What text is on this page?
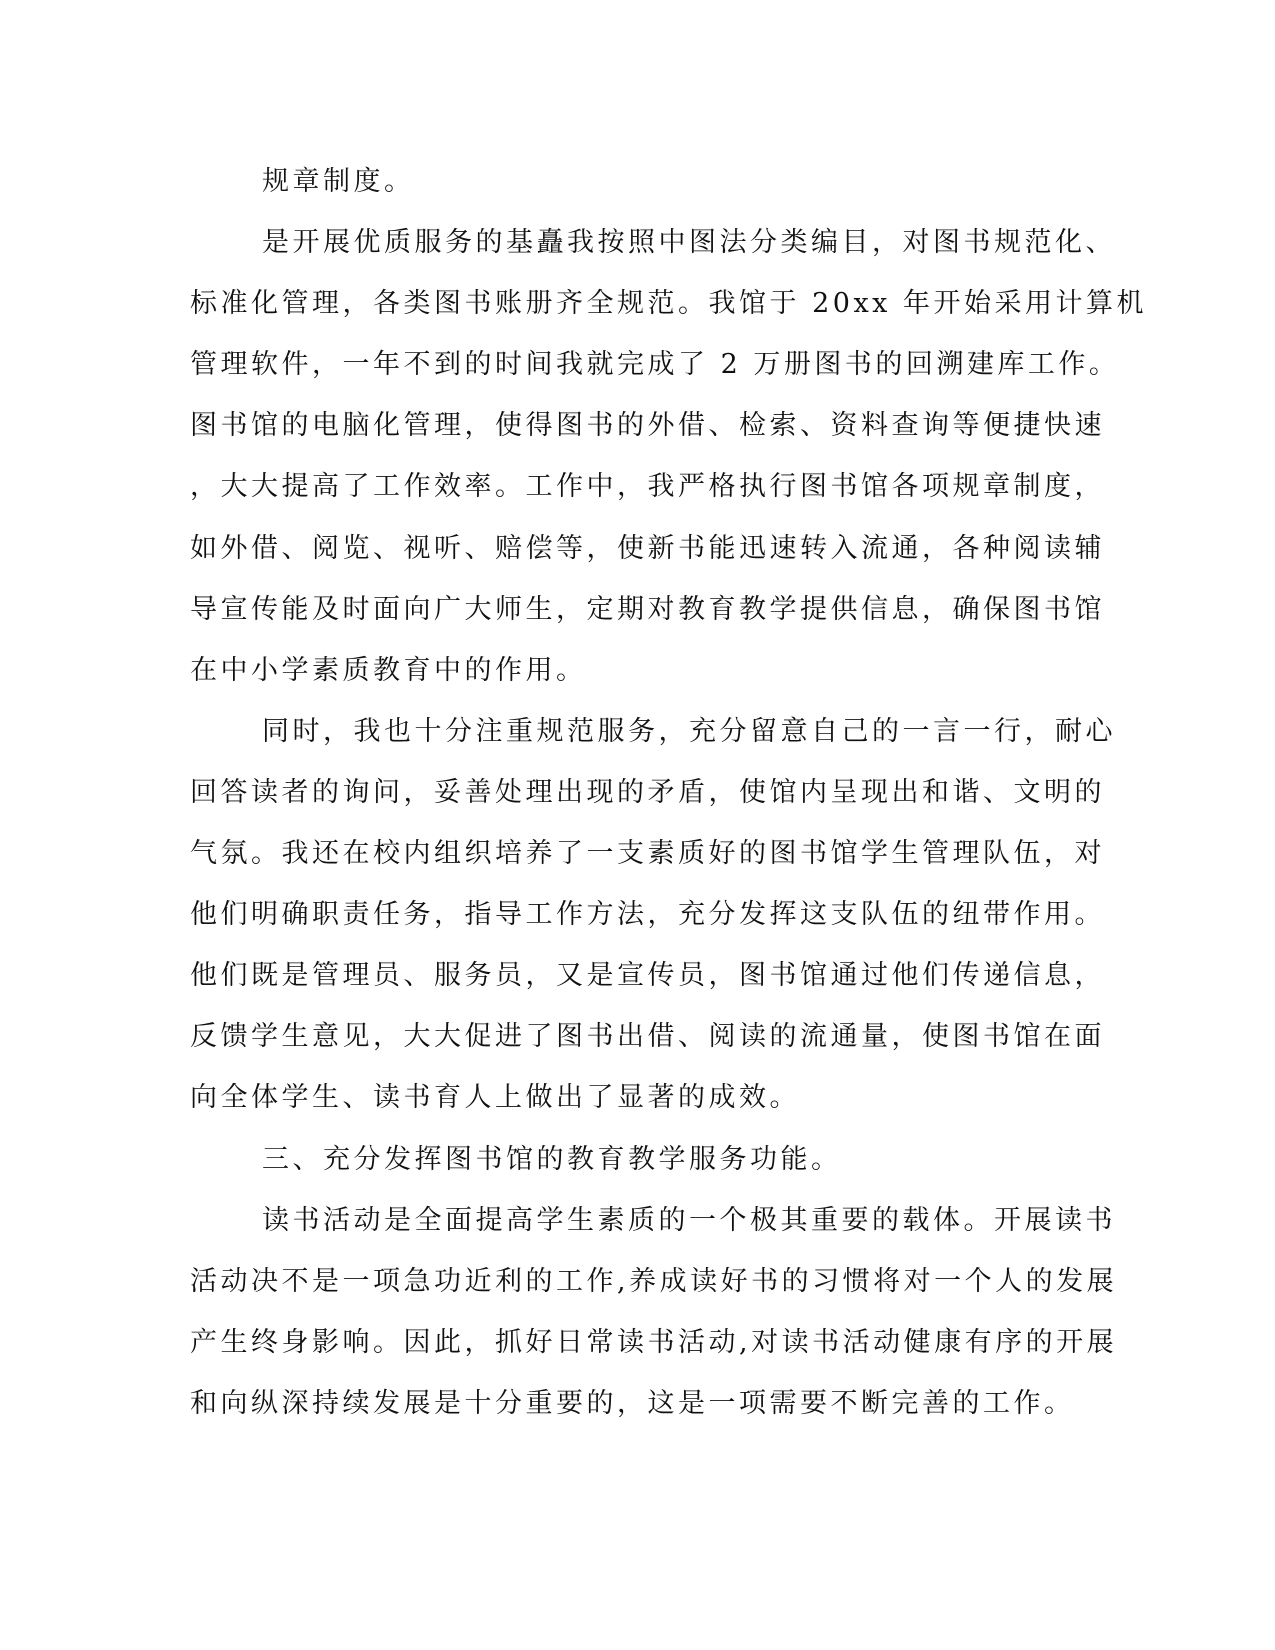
规章制度。
是开展优质服务的基矗我按照中图法分类编目，对图书规范化、
标准化管理，各类图书账册齐全规范。我馆于 20xx 年开始采用计算机
管理软件，一年不到的时间我就完成了 2 万册图书的回溯建库工作。
图书馆的电脑化管理，使得图书的外借、检索、资料查询等便捷快速
，大大提高了工作效率。工作中，我严格执行图书馆各项规章制度，
如外借、阅览、视听、赔偿等，使新书能迅速转入流通，各种阅读辅
导宣传能及时面向广大师生，定期对教育教学提供信息，确保图书馆
在中小学素质教育中的作用。
同时，我也十分注重规范服务，充分留意自己的一言一行，耐心
回答读者的询问，妥善处理出现的矛盾，使馆内呈现出和谐、文明的
气氛。我还在校内组织培养了一支素质好的图书馆学生管理队伍，对
他们明确职责任务，指导工作方法，充分发挥这支队伍的纽带作用。
他们既是管理员、服务员，又是宣传员，图书馆通过他们传递信息，
反馈学生意见，大大促进了图书出借、阅读的流通量，使图书馆在面
向全体学生、读书育人上做出了显著的成效。
三、充分发挥图书馆的教育教学服务功能。
读书活动是全面提高学生素质的一个极其重要的载体。开展读书
活动决不是一项急功近利的工作,养成读好书的习惯将对一个人的发展
产生终身影响。因此，抓好日常读书活动,对读书活动健康有序的开展
和向纵深持续发展是十分重要的，这是一项需要不断完善的工作。
